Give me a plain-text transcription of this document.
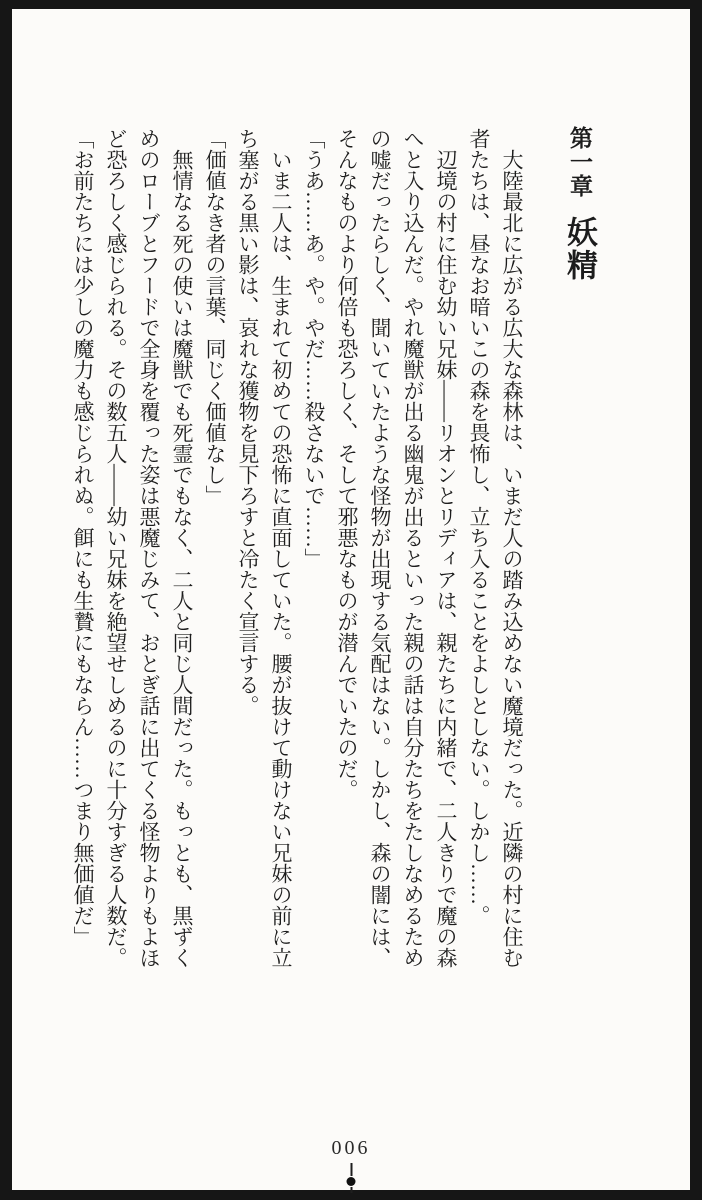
第一章妖精

大陸最北に広がる広大な森林は、いまだ人の踏み込めない魔境だった。近隣の村に住む者たちは、昼なお暗いこの森を畏怖し、立ち入ることをよしとしない。しかし……。

辺境の村に住む幼い兄妹――リオンとリディアは、親たちに内緒で、二人きりで魔の森へと入り込んだ。やれ魔獣が出る幽鬼が出るといった親の話は自分たちをたしなめるための嘘だったらしく、聞いていたような怪物が出現する気配はない。しかし、森の闇には、そんなものより何倍も恐ろしく、そして邪悪なものが潜んでいたのだ。

「うあ……あ。や。やだ……殺さないで……」

いま二人は、生まれて初めての恐怖に直面していた。腰が抜けて動けない兄妹の前に立ち塞がる黒い影は、哀れな獲物を見下ろすと冷たく宣言する。

「価値なき者の言葉、同じく価値なし」

無情なる死の使いは魔獣でも死霊でもなく、二人と同じ人間だった。もっとも、黒ずくめのローブとフードで全身を覆った姿は悪魔じみて、おとぎ話に出てくる怪物よりもよほど恐ろしく感じられる。その数五人――幼い兄妹を絶望せしめるのに十分すぎる人数だ。

「お前たちには少しの魔力も感じられぬ。餌にも生贄にもならん……つまり無価値だ」

006
